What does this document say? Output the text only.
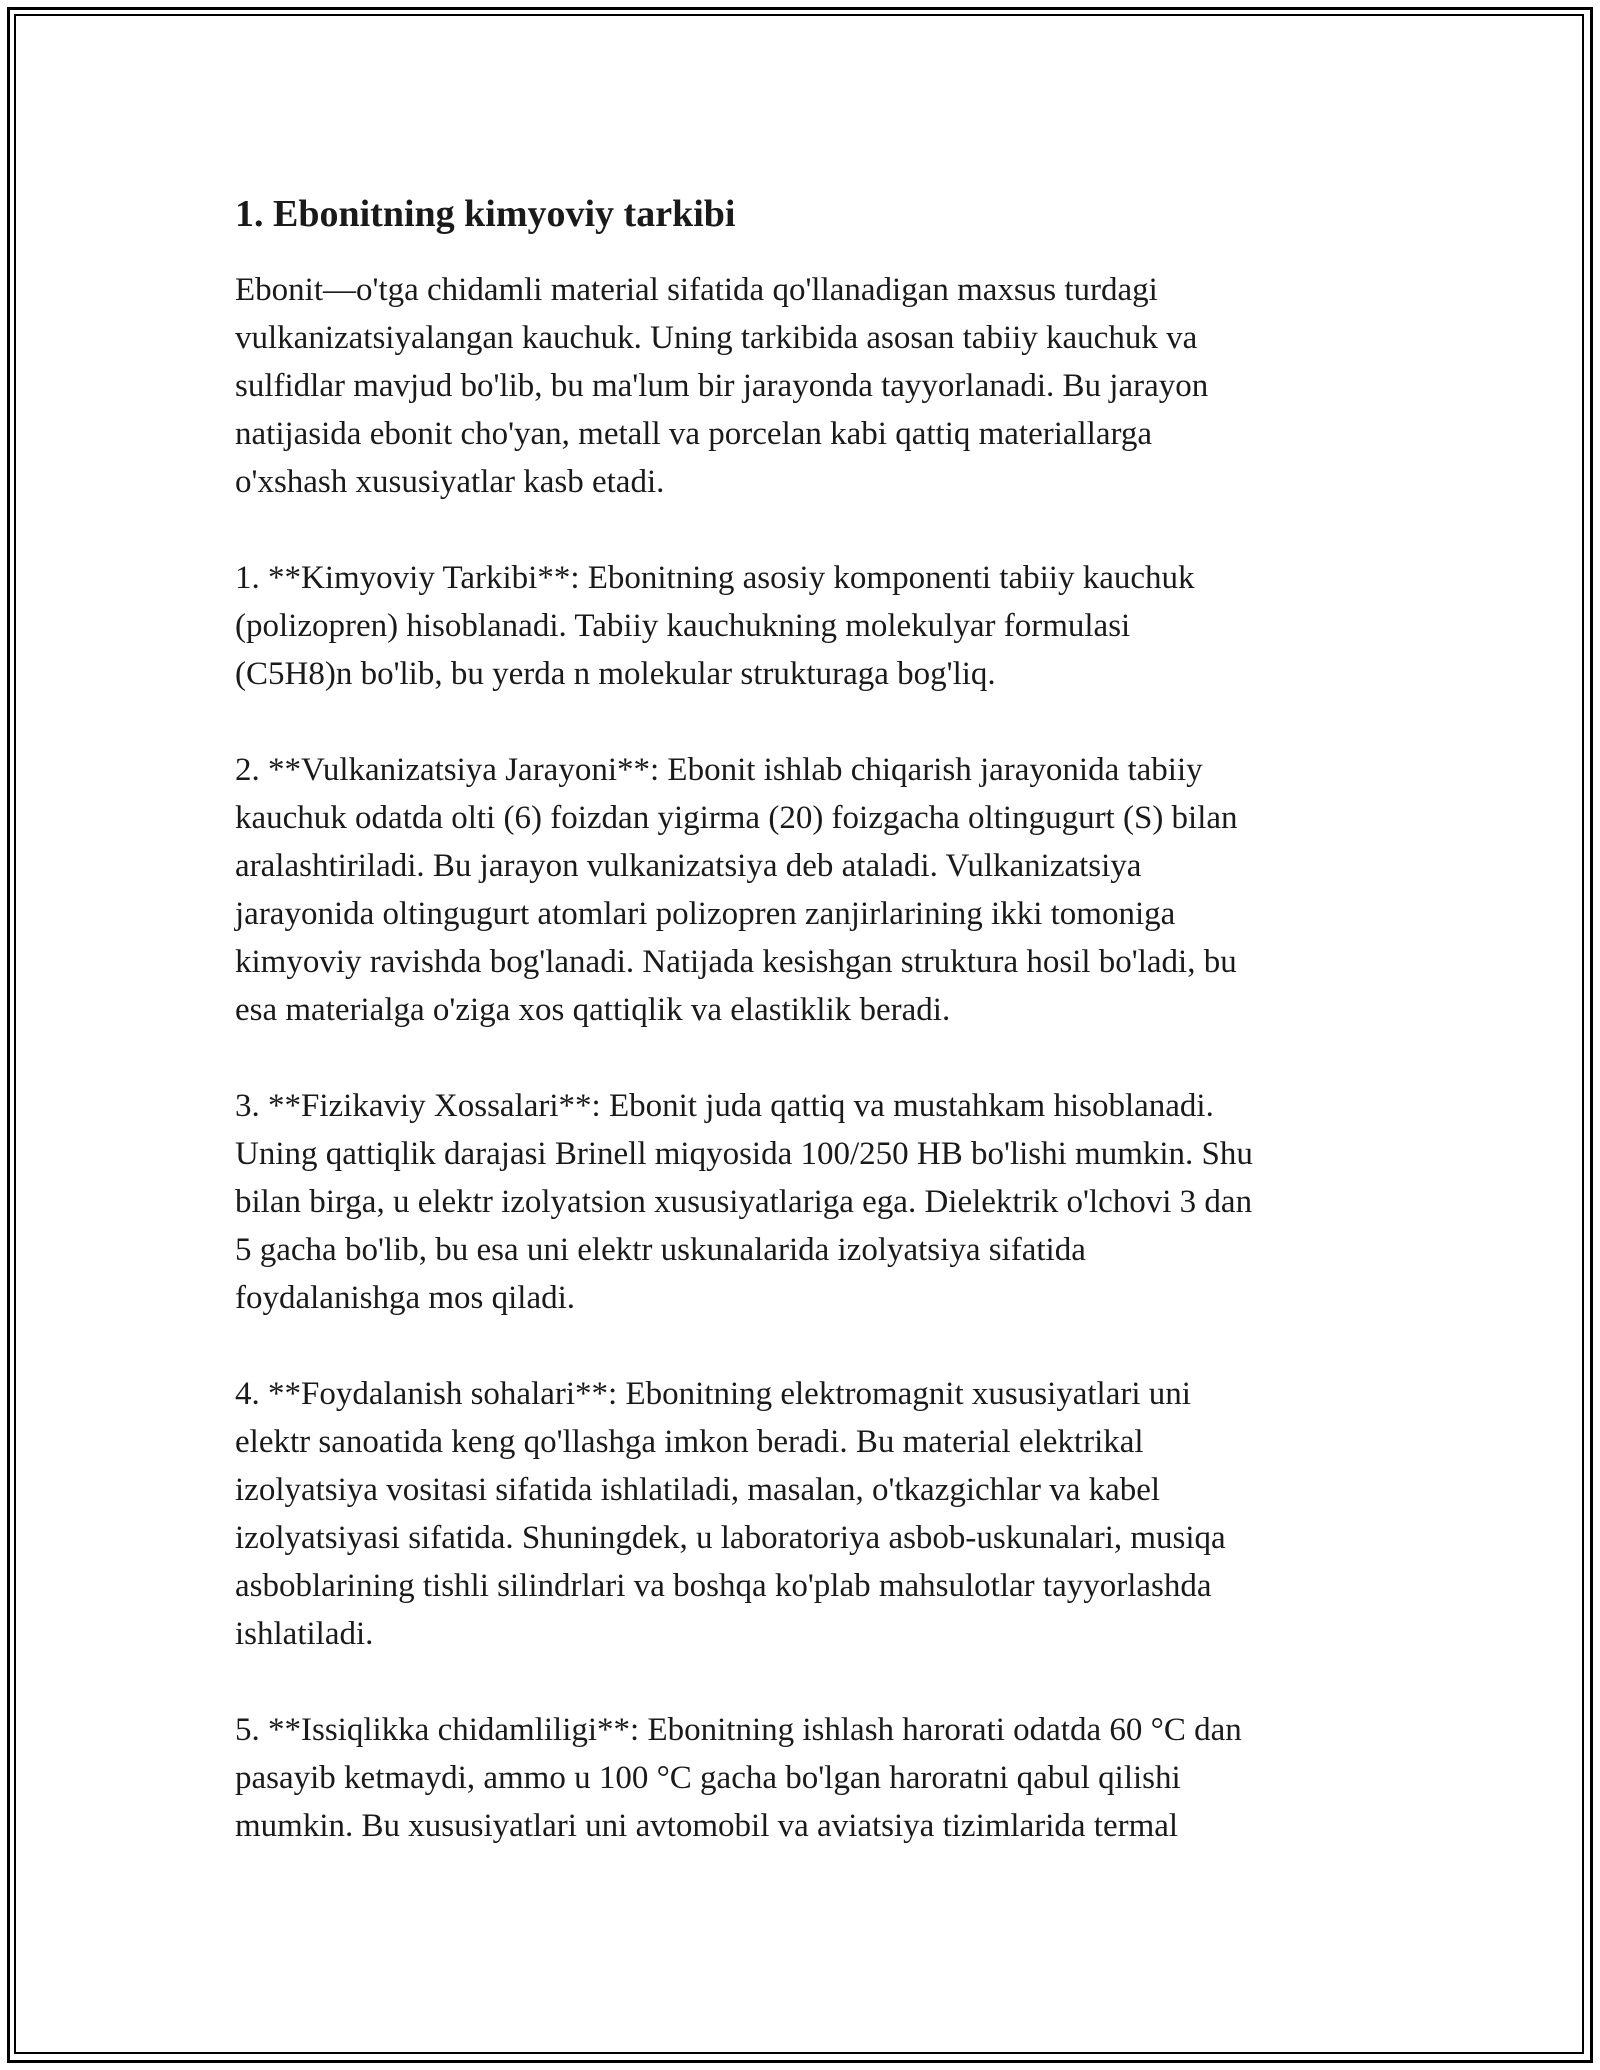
1. Ebonitning kimyoviy tarkibi

Ebonit—o'tga chidamli material sifatida qo'llanadigan maxsus turdagi
vulkanizatsiyalangan kauchuk. Uning tarkibida asosan tabiiy kauchuk va
sulfidlar mavjud bo'lib, bu ma'lum bir jarayonda tayyorlanadi. Bu jarayon
natijasida ebonit cho'yan, metall va porcelan kabi qattiq materiallarga
o'xshash xususiyatlar kasb etadi.

1. **Kimyoviy Tarkibi**: Ebonitning asosiy komponenti tabiiy kauchuk
(polizopren) hisoblanadi. Tabiiy kauchukning molekulyar formulasi
(C5H8)n bo'lib, bu yerda n molekular strukturaga bog'liq.

2. **Vulkanizatsiya Jarayoni**: Ebonit ishlab chiqarish jarayonida tabiiy
kauchuk odatda olti (6) foizdan yigirma (20) foizgacha oltingugurt (S) bilan
aralashtiriladi. Bu jarayon vulkanizatsiya deb ataladi. Vulkanizatsiya
jarayonida oltingugurt atomlari polizopren zanjirlarining ikki tomoniga
kimyoviy ravishda bog'lanadi. Natijada kesishgan struktura hosil bo'ladi, bu
esa materialga o'ziga xos qattiqlik va elastiklik beradi.

3. **Fizikaviy Xossalari**: Ebonit juda qattiq va mustahkam hisoblanadi.
Uning qattiqlik darajasi Brinell miqyosida 100/250 HB bo'lishi mumkin. Shu
bilan birga, u elektr izolyatsion xususiyatlariga ega. Dielektrik o'lchovi 3 dan
5 gacha bo'lib, bu esa uni elektr uskunalarida izolyatsiya sifatida
foydalanishga mos qiladi.

4. **Foydalanish sohalari**: Ebonitning elektromagnit xususiyatlari uni
elektr sanoatida keng qo'llashga imkon beradi. Bu material elektrikal
izolyatsiya vositasi sifatida ishlatiladi, masalan, o'tkazgichlar va kabel
izolyatsiyasi sifatida. Shuningdek, u laboratoriya asbob-uskunalari, musiqa
asboblarining tishli silindrlari va boshqa ko'plab mahsulotlar tayyorlashda
ishlatiladi.

5. **Issiqlikka chidamliligi**: Ebonitning ishlash harorati odatda 60 °C dan
pasayib ketmaydi, ammo u 100 °C gacha bo'lgan haroratni qabul qilishi
mumkin. Bu xususiyatlari uni avtomobil va aviatsiya tizimlarida termal
